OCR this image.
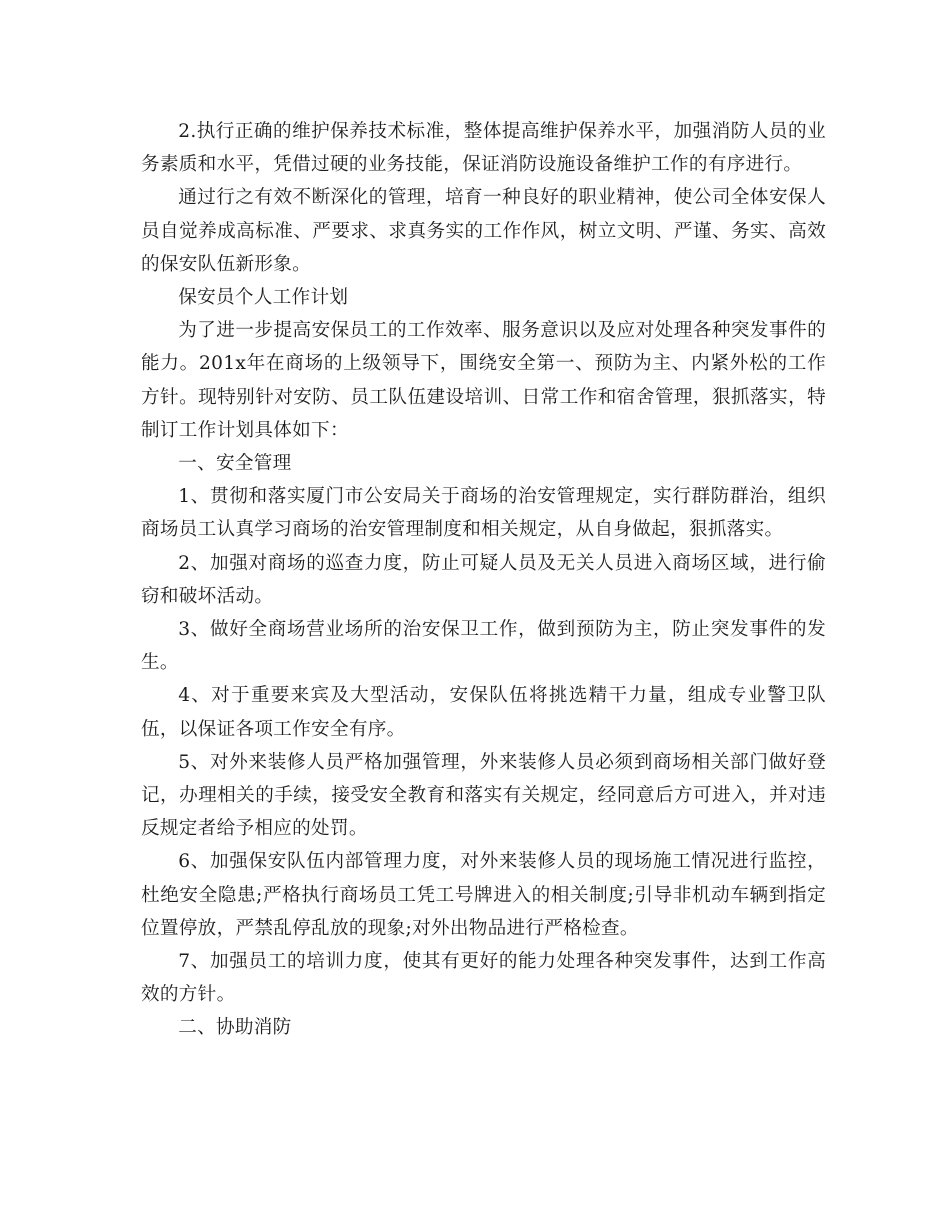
2.执行正确的维护保养技术标准，整体提高维护保养水平，加强消防人员的业务素质和水平，凭借过硬的业务技能，保证消防设施设备维护工作的有序进行。

通过行之有效不断深化的管理，培育一种良好的职业精神，使公司全体安保人员自觉养成高标准、严要求、求真务实的工作作风，树立文明、严谨、务实、高效的保安队伍新形象。

保安员个人工作计划

为了进一步提高安保员工的工作效率、服务意识以及应对处理各种突发事件的能力。201x年在商场的上级领导下，围绕安全第一、预防为主、内紧外松的工作方针。现特别针对安防、员工队伍建设培训、日常工作和宿舍管理，狠抓落实，特制订工作计划具体如下：

一、安全管理

1、贯彻和落实厦门市公安局关于商场的治安管理规定，实行群防群治，组织商场员工认真学习商场的治安管理制度和相关规定，从自身做起，狠抓落实。

2、加强对商场的巡查力度，防止可疑人员及无关人员进入商场区域，进行偷窃和破坏活动。

3、做好全商场营业场所的治安保卫工作，做到预防为主，防止突发事件的发生。

4、对于重要来宾及大型活动，安保队伍将挑选精干力量，组成专业警卫队伍，以保证各项工作安全有序。

5、对外来装修人员严格加强管理，外来装修人员必须到商场相关部门做好登记，办理相关的手续，接受安全教育和落实有关规定，经同意后方可进入，并对违反规定者给予相应的处罚。

6、加强保安队伍内部管理力度，对外来装修人员的现场施工情况进行监控，杜绝安全隐患;严格执行商场员工凭工号牌进入的相关制度;引导非机动车辆到指定位置停放，严禁乱停乱放的现象;对外出物品进行严格检查。

7、加强员工的培训力度，使其有更好的能力处理各种突发事件，达到工作高效的方针。

二、协助消防
